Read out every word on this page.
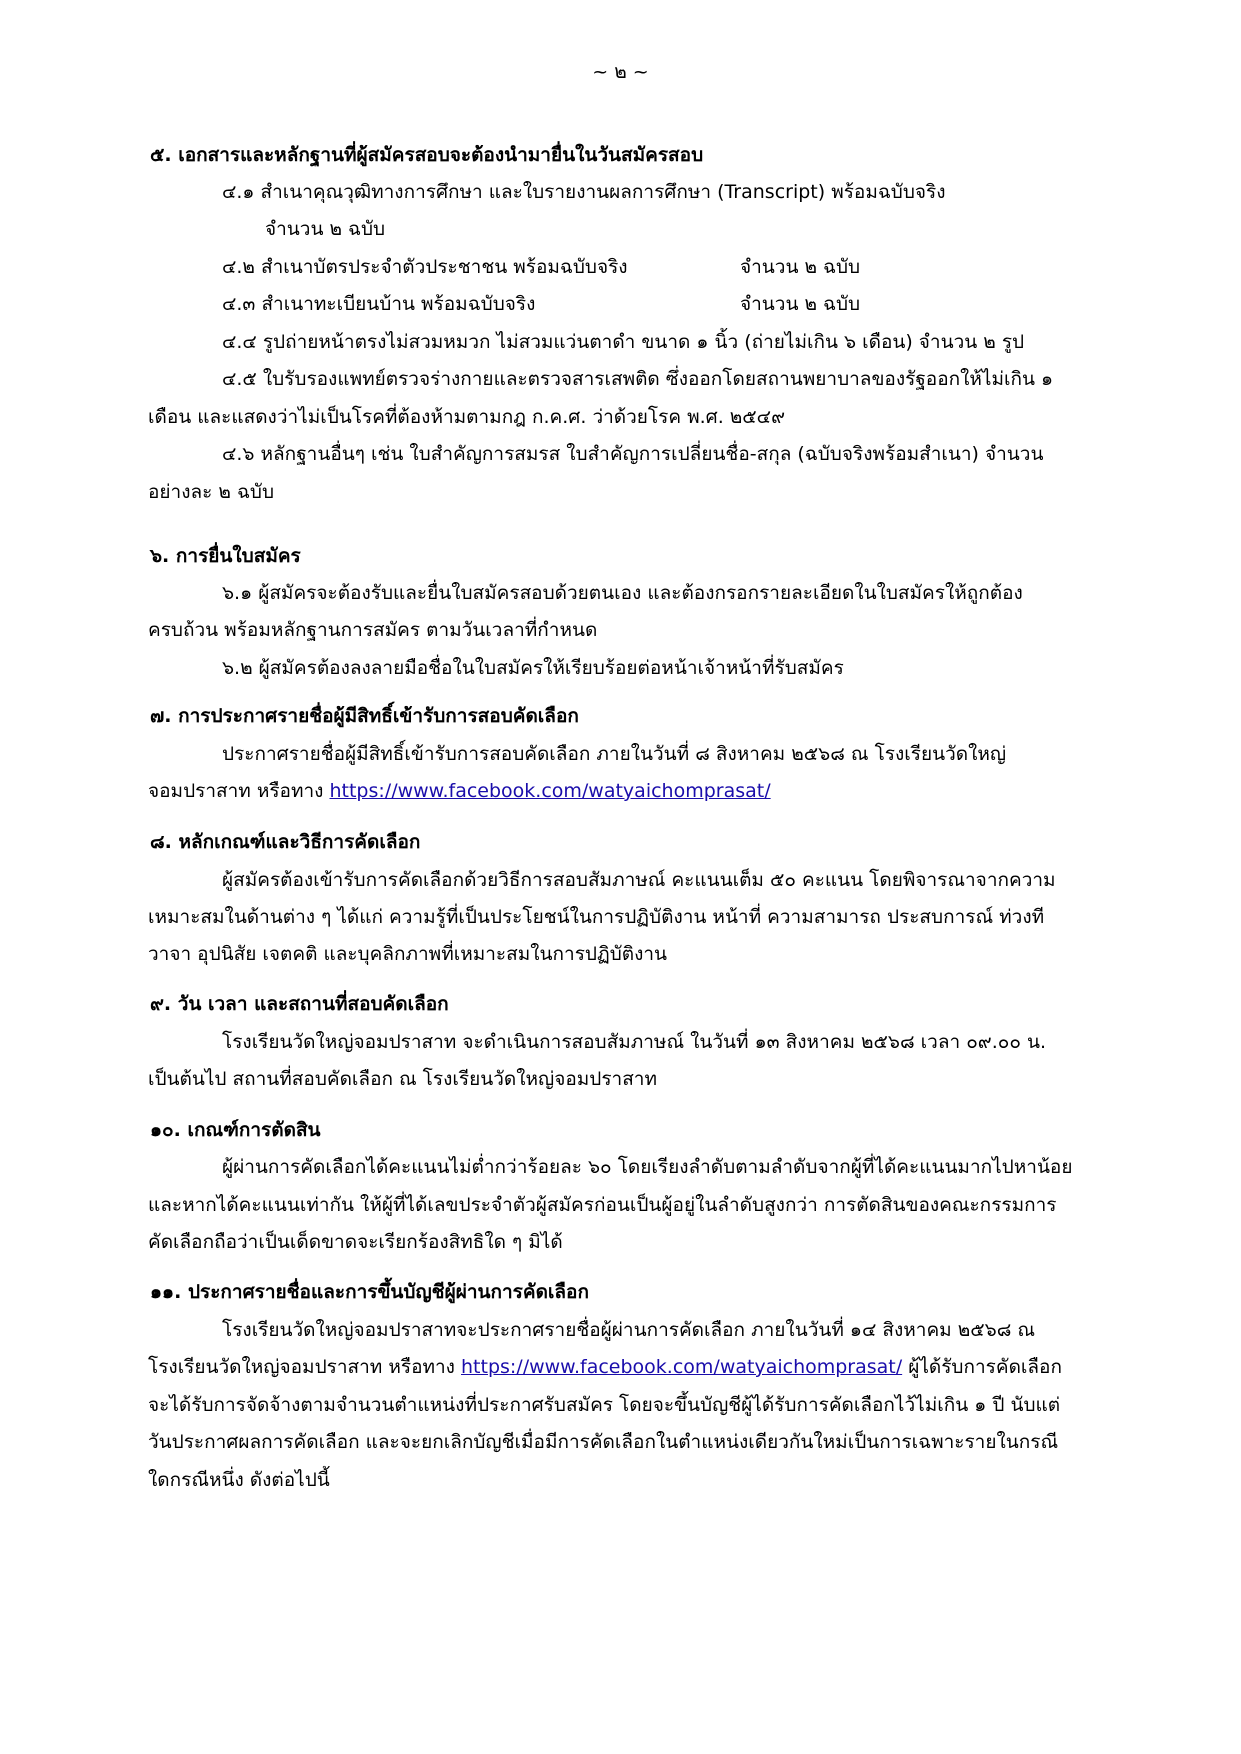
~ ๒ ~
๕. เอกสารและหลักฐานที่ผู้สมัครสอบจะต้องนำมายื่นในวันสมัครสอบ
๔.๑ สำเนาคุณวุฒิทางการศึกษา และใบรายงานผลการศึกษา (Transcript) พร้อมฉบับจริง
จำนวน ๒ ฉบับ
๔.๒ สำเนาบัตรประจำตัวประชาชน พร้อมฉบับจริง	จำนวน ๒ ฉบับ
๔.๓ สำเนาทะเบียนบ้าน พร้อมฉบับจริง	จำนวน ๒ ฉบับ
๔.๔ รูปถ่ายหน้าตรงไม่สวมหมวก ไม่สวมแว่นตาดำ ขนาด ๑ นิ้ว (ถ่ายไม่เกิน ๖ เดือน) จำนวน ๒ รูป
๔.๕ ใบรับรองแพทย์ตรวจร่างกายและตรวจสารเสพติด ซึ่งออกโดยสถานพยาบาลของรัฐออกให้ไม่เกิน ๑
เดือน และแสดงว่าไม่เป็นโรคที่ต้องห้ามตามกฎ ก.ค.ศ. ว่าด้วยโรค พ.ศ. ๒๕๔๙
๔.๖ หลักฐานอื่นๆ เช่น ใบสำคัญการสมรส ใบสำคัญการเปลี่ยนชื่อ-สกุล (ฉบับจริงพร้อมสำเนา) จำนวน
อย่างละ ๒ ฉบับ
๖. การยื่นใบสมัคร
๖.๑ ผู้สมัครจะต้องรับและยื่นใบสมัครสอบด้วยตนเอง และต้องกรอกรายละเอียดในใบสมัครให้ถูกต้อง
ครบถ้วน พร้อมหลักฐานการสมัคร ตามวันเวลาที่กำหนด
๖.๒ ผู้สมัครต้องลงลายมือชื่อในใบสมัครให้เรียบร้อยต่อหน้าเจ้าหน้าที่รับสมัคร
๗. การประกาศรายชื่อผู้มีสิทธิ์เข้ารับการสอบคัดเลือก
ประกาศรายชื่อผู้มีสิทธิ์เข้ารับการสอบคัดเลือก ภายในวันที่ ๘ สิงหาคม ๒๕๖๘ ณ โรงเรียนวัดใหญ่
จอมปราสาท หรือทาง https://www.facebook.com/watyaichomprasat/
๘. หลักเกณฑ์และวิธีการคัดเลือก
ผู้สมัครต้องเข้ารับการคัดเลือกด้วยวิธีการสอบสัมภาษณ์ คะแนนเต็ม ๕๐ คะแนน โดยพิจารณาจากความ
เหมาะสมในด้านต่าง ๆ ได้แก่ ความรู้ที่เป็นประโยชน์ในการปฏิบัติงาน หน้าที่ ความสามารถ ประสบการณ์ ท่วงที
วาจา อุปนิสัย เจตคติ และบุคลิกภาพที่เหมาะสมในการปฏิบัติงาน
๙. วัน เวลา และสถานที่สอบคัดเลือก
โรงเรียนวัดใหญ่จอมปราสาท จะดำเนินการสอบสัมภาษณ์ ในวันที่ ๑๓ สิงหาคม ๒๕๖๘ เวลา ๐๙.๐๐ น.
เป็นต้นไป สถานที่สอบคัดเลือก ณ โรงเรียนวัดใหญ่จอมปราสาท
๑๐. เกณฑ์การตัดสิน
ผู้ผ่านการคัดเลือกได้คะแนนไม่ต่ำกว่าร้อยละ ๖๐ โดยเรียงลำดับตามลำดับจากผู้ที่ได้คะแนนมากไปหาน้อย
และหากได้คะแนนเท่ากัน ให้ผู้ที่ได้เลขประจำตัวผู้สมัครก่อนเป็นผู้อยู่ในลำดับสูงกว่า การตัดสินของคณะกรรมการ
คัดเลือกถือว่าเป็นเด็ดขาดจะเรียกร้องสิทธิใด ๆ มิได้
๑๑. ประกาศรายชื่อและการขึ้นบัญชีผู้ผ่านการคัดเลือก
โรงเรียนวัดใหญ่จอมปราสาทจะประกาศรายชื่อผู้ผ่านการคัดเลือก ภายในวันที่ ๑๔ สิงหาคม ๒๕๖๘ ณ
โรงเรียนวัดใหญ่จอมปราสาท หรือทาง https://www.facebook.com/watyaichomprasat/ ผู้ได้รับการคัดเลือก
จะได้รับการจัดจ้างตามจำนวนตำแหน่งที่ประกาศรับสมัคร โดยจะขึ้นบัญชีผู้ได้รับการคัดเลือกไว้ไม่เกิน ๑ ปี นับแต่
วันประกาศผลการคัดเลือก และจะยกเลิกบัญชีเมื่อมีการคัดเลือกในตำแหน่งเดียวกันใหม่เป็นการเฉพาะรายในกรณี
ใดกรณีหนึ่ง ดังต่อไปนี้
